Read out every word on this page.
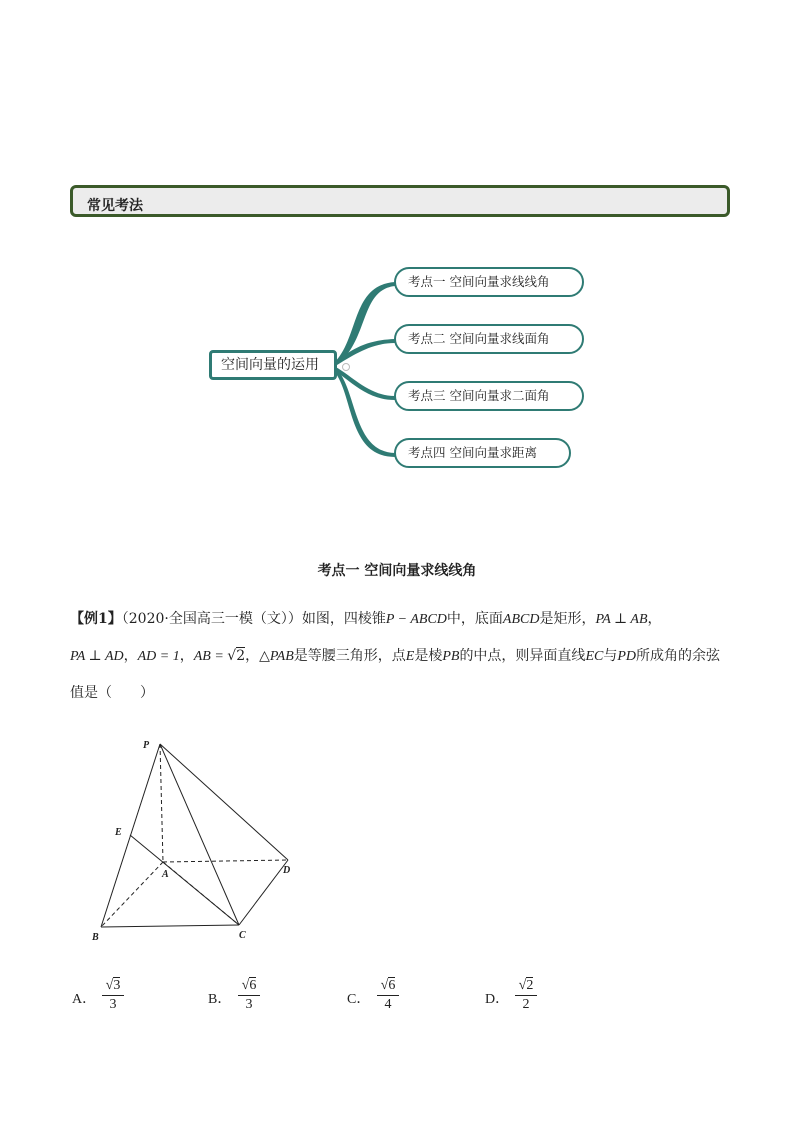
常见考法
空间向量的运用
考点一 空间向量求线线角
考点二 空间向量求线面角
考点三 空间向量求二面角
考点四 空间向量求距离
考点一 空间向量求线线角
【例1】（2020·全国高三一模（文））如图，四棱锥P − ABCD中，底面ABCD是矩形，PA ⊥ AB，
PA ⊥ AD，AD = 1，AB = √2，△PAB是等腰三角形，点E是棱PB的中点，则异面直线EC与PD所成角的余弦值是（　　）
P
E
A
B	C
D
A． $\frac{√3}{3}$	B． $\frac{√6}{3}$	C． $\frac{√6}{4}$	D． $\frac{√2}{2}$
